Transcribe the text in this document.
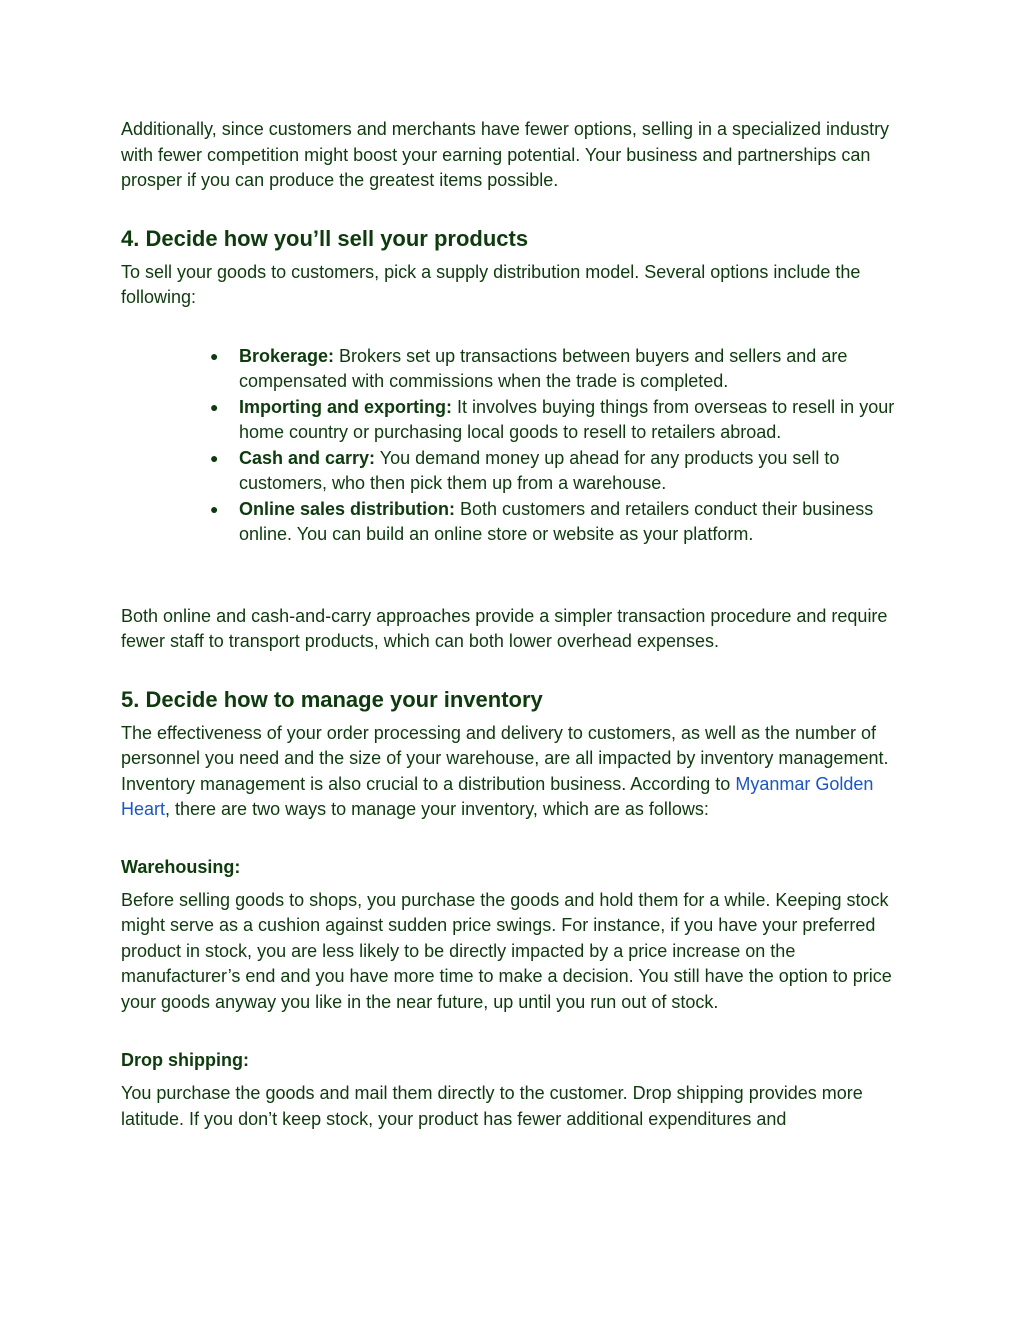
Additionally, since customers and merchants have fewer options, selling in a specialized industry with fewer competition might boost your earning potential. Your business and partnerships can prosper if you can produce the greatest items possible.

4. Decide how you’ll sell your products

To sell your goods to customers, pick a supply distribution model. Several options include the following:

● Brokerage: Brokers set up transactions between buyers and sellers and are compensated with commissions when the trade is completed.
● Importing and exporting: It involves buying things from overseas to resell in your home country or purchasing local goods to resell to retailers abroad.
● Cash and carry: You demand money up ahead for any products you sell to customers, who then pick them up from a warehouse.
● Online sales distribution: Both customers and retailers conduct their business online. You can build an online store or website as your platform.

Both online and cash-and-carry approaches provide a simpler transaction procedure and require fewer staff to transport products, which can both lower overhead expenses.

5. Decide how to manage your inventory

The effectiveness of your order processing and delivery to customers, as well as the number of personnel you need and the size of your warehouse, are all impacted by inventory management. Inventory management is also crucial to a distribution business. According to Myanmar Golden Heart, there are two ways to manage your inventory, which are as follows:

Warehousing:

Before selling goods to shops, you purchase the goods and hold them for a while. Keeping stock might serve as a cushion against sudden price swings. For instance, if you have your preferred product in stock, you are less likely to be directly impacted by a price increase on the manufacturer’s end and you have more time to make a decision. You still have the option to price your goods anyway you like in the near future, up until you run out of stock.

Drop shipping:

You purchase the goods and mail them directly to the customer. Drop shipping provides more latitude. If you don’t keep stock, your product has fewer additional expenditures and
